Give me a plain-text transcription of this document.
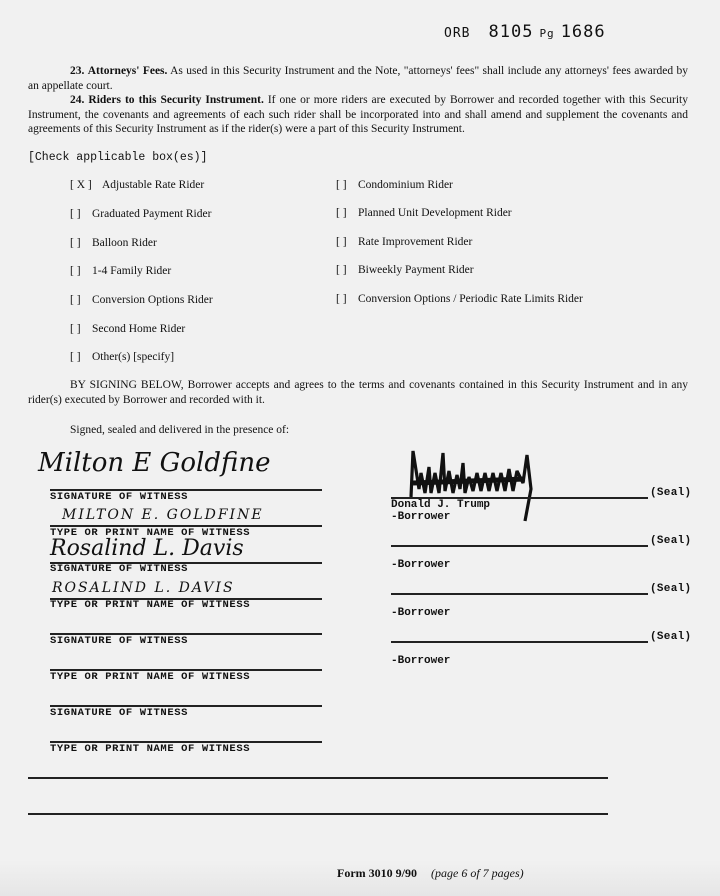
ORB 8105 Pg 1686
23. Attorneys' Fees. As used in this Security Instrument and the Note, "attorneys' fees" shall include any attorneys' fees awarded by an appellate court.
24. Riders to this Security Instrument. If one or more riders are executed by Borrower and recorded together with this Security Instrument, the covenants and agreements of each such rider shall be incorporated into and shall amend and supplement the covenants and agreements of this Security Instrument as if the rider(s) were a part of this Security Instrument.
[Check applicable box(es)]
[ X ] Adjustable Rate Rider
[ ] Graduated Payment Rider
[ ] Balloon Rider
[ ] 1-4 Family Rider
[ ] Conversion Options Rider
[ ] Second Home Rider
[ ] Other(s) [specify]
[ ] Condominium Rider
[ ] Planned Unit Development Rider
[ ] Rate Improvement Rider
[ ] Biweekly Payment Rider
[ ] Conversion Options / Periodic Rate Limits Rider
BY SIGNING BELOW, Borrower accepts and agrees to the terms and covenants contained in this Security Instrument and in any rider(s) executed by Borrower and recorded with it.
Signed, sealed and delivered in the presence of:
Milton E Goldfine
SIGNATURE OF WITNESS
MILTON E. GOLDFINE
TYPE OR PRINT NAME OF WITNESS
Rosalind L. Davis
SIGNATURE OF WITNESS
ROSALIND L. DAVIS
TYPE OR PRINT NAME OF WITNESS
SIGNATURE OF WITNESS
TYPE OR PRINT NAME OF WITNESS
SIGNATURE OF WITNESS
TYPE OR PRINT NAME OF WITNESS
(Seal)
Donald J. Trump
-Borrower
(Seal)
-Borrower
(Seal)
-Borrower
(Seal)
-Borrower
Form 3010 9/90 (page 6 of 7 pages)
